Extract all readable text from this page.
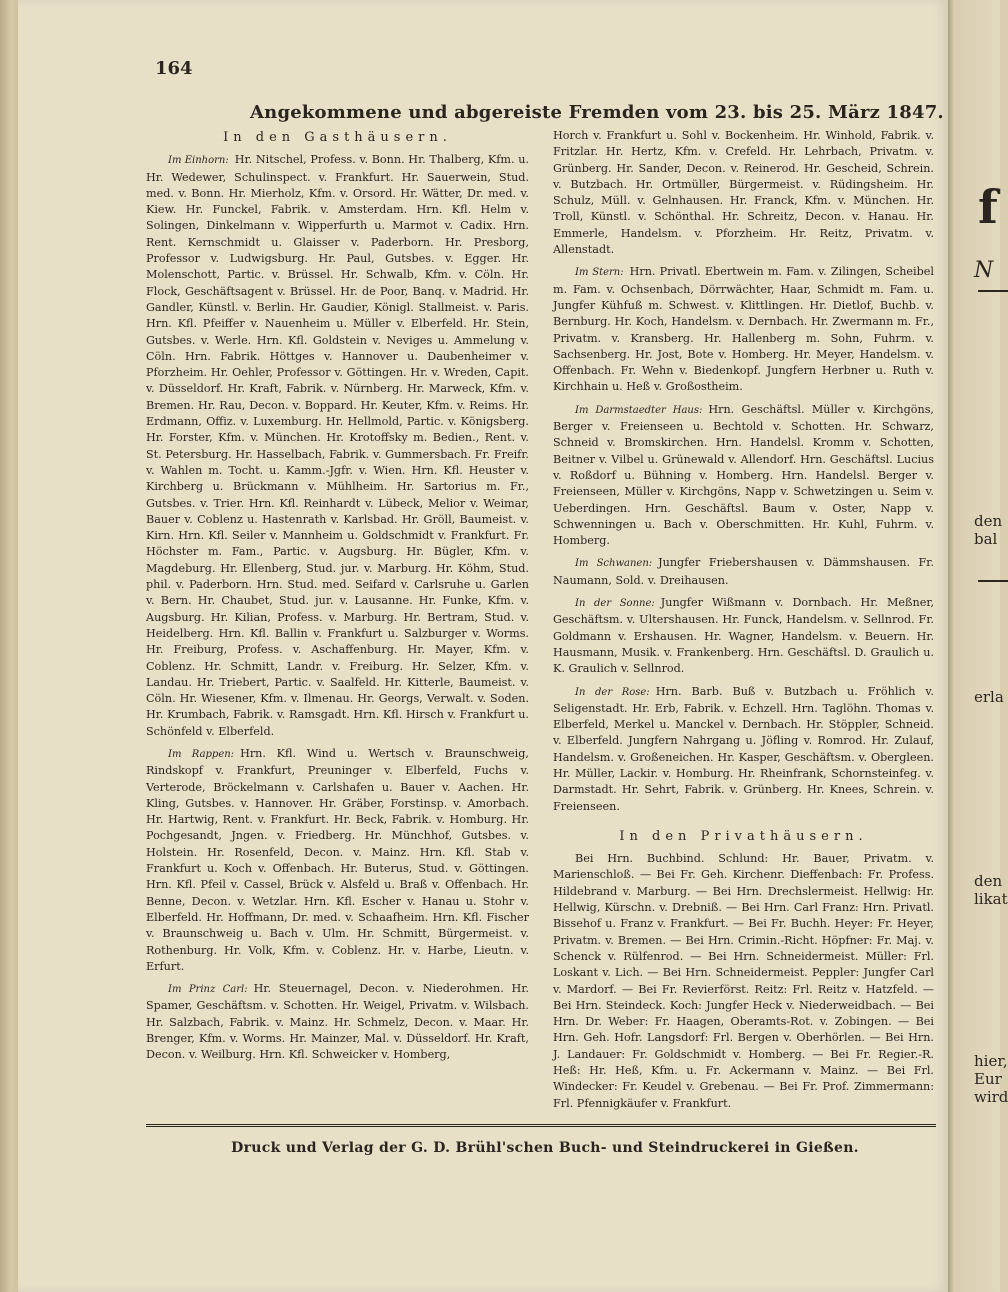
164
Angekommene und abgereiste Fremden vom 23. bis 25. März 1847.
In den Gasthäusern.

Im Einhorn: Hr. Nitschel, Profess. v. Bonn. Hr. Thalberg, Kfm. u. Hr. Wedewer, Schulinspect. v. Frankfurt. Hr. Sauerwein, Stud. med. v. Bonn. Hr. Mierholz, Kfm. v. Orsord. Hr. Wätter, Dr. med. v. Kiew. Hr. Funckel, Fabrik. v. Amsterdam. Hrn. Kfl. Helm v. Solingen, Dinkelmann v. Wipperfurth u. Marmot v. Cadix. Hrn. Rent. Kernschmidt u. Glaisser v. Paderborn. Hr. Presborg, Professor v. Ludwigsburg. Hr. Paul, Gutsbes. v. Egger. Hr. Molenschott, Partic. v. Brüssel. Hr. Schwalb, Kfm. v. Cöln. Hr. Flock, Geschäftsagent v. Brüssel. Hr. de Poor, Banq. v. Madrid. Hr. Gandler, Künstl. v. Berlin. Hr. Gaudier, Königl. Stallmeist. v. Paris. Hrn. Kfl. Pfeiffer v. Nauenheim u. Müller v. Elberfeld. Hr. Stein, Gutsbes. v. Werle. Hrn. Kfl. Goldstein v. Neviges u. Ammelung v. Cöln. Hrn. Fabrik. Höttges v. Hannover u. Daubenheimer v. Pforzheim. Hr. Oehler, Professor v. Göttingen. Hr. v. Wreden, Capit. v. Düsseldorf. Hr. Kraft, Fabrik. v. Nürnberg. Hr. Marweck, Kfm. v. Bremen. Hr. Rau, Decon. v. Boppard. Hr. Keuter, Kfm. v. Reims. Hr. Erdmann, Offiz. v. Luxemburg. Hr. Hellmold, Partic. v. Königsberg. Hr. Forster, Kfm. v. München. Hr. Krotoffsky m. Bedien., Rent. v. St. Petersburg. Hr. Hasselbach, Fabrik. v. Gummersbach. Fr. Freifr. v. Wahlen m. Tocht. u. Kamm.-Jgfr. v. Wien. Hrn. Kfl. Heuster v. Kirchberg u. Brückmann v. Mühlheim. Hr. Sartorius m. Fr., Gutsbes. v. Trier. Hrn. Kfl. Reinhardt v. Lübeck, Melior v. Weimar, Bauer v. Coblenz u. Hastenrath v. Karlsbad. Hr. Gröll, Baumeist. v. Kirn. Hrn. Kfl. Seiler v. Mannheim u. Goldschmidt v. Frankfurt. Fr. Höchster m. Fam., Partic. v. Augsburg. Hr. Bügler, Kfm. v. Magdeburg. Hr. Ellenberg, Stud. jur. v. Marburg. Hr. Köhm, Stud. phil. v. Paderborn. Hrn. Stud. med. Seifard v. Carlsruhe u. Garlen v. Bern. Hr. Chaubet, Stud. jur. v. Lausanne. Hr. Funke, Kfm. v. Augsburg. Hr. Kilian, Profess. v. Marburg. Hr. Bertram, Stud. v. Heidelberg. Hrn. Kfl. Ballin v. Frankfurt u. Salzburger v. Worms. Hr. Freiburg, Profess. v. Aschaffenburg. Hr. Mayer, Kfm. v. Coblenz. Hr. Schmitt, Landr. v. Freiburg. Hr. Selzer, Kfm. v. Landau. Hr. Triebert, Partic. v. Saalfeld. Hr. Kitterle, Baumeist. v. Cöln. Hr. Wiesener, Kfm. v. Ilmenau. Hr. Georgs, Verwalt. v. Soden. Hr. Krumbach, Fabrik. v. Ramsgadt. Hrn. Kfl. Hirsch v. Frankfurt u. Schönfeld v. Elberfeld.

Im Rappen: Hrn. Kfl. Wind u. Wertsch v. Braunschweig, Rindskopf v. Frankfurt, Preuninger v. Elberfeld, Fuchs v. Verterode, Bröckelmann v. Carlshafen u. Bauer v. Aachen. Hr. Kling, Gutsbes. v. Hannover. Hr. Gräber, Forstinsp. v. Amorbach. Hr. Hartwig, Rent. v. Frankfurt. Hr. Beck, Fabrik. v. Homburg. Hr. Pochgesandt, Jngen. v. Friedberg. Hr. Münchhof, Gutsbes. v. Holstein. Hr. Rosenfeld, Decon. v. Mainz. Hrn. Kfl. Stab v. Frankfurt u. Koch v. Offenbach. Hr. Buterus, Stud. v. Göttingen. Hrn. Kfl. Pfeil v. Cassel, Brück v. Alsfeld u. Braß v. Offenbach. Hr. Benne, Decon. v. Wetzlar. Hrn. Kfl. Escher v. Hanau u. Stohr v. Elberfeld. Hr. Hoffmann, Dr. med. v. Schaafheim. Hrn. Kfl. Fischer v. Braunschweig u. Bach v. Ulm. Hr. Schmitt, Bürgermeist. v. Rothenburg. Hr. Volk, Kfm. v. Coblenz. Hr. v. Harbe, Lieutn. v. Erfurt.

Im Prinz Carl: Hr. Steuernagel, Decon. v. Niederohmen. Hr. Spamer, Geschäftsm. v. Schotten. Hr. Weigel, Privatm. v. Wilsbach. Hr. Salzbach, Fabrik. v. Mainz. Hr. Schmelz, Decon. v. Maar. Hr. Brenger, Kfm. v. Worms. Hr. Mainzer, Mal. v. Düsseldorf. Hr. Kraft, Decon. v. Weilburg. Hrn. Kfl. Schweicker v. Homberg,

Horch v. Frankfurt u. Sohl v. Bockenheim. Hr. Winhold, Fabrik. v. Fritzlar. Hr. Hertz, Kfm. v. Crefeld. Hr. Lehrbach, Privatm. v. Grünberg. Hr. Sander, Decon. v. Reinerod. Hr. Gescheid, Schrein. v. Butzbach. Hr. Ortmüller, Bürgermeist. v. Rüdingsheim. Hr. Schulz, Müll. v. Gelnhausen. Hr. Franck, Kfm. v. München. Hr. Troll, Künstl. v. Schönthal. Hr. Schreitz, Decon. v. Hanau. Hr. Emmerle, Handelsm. v. Pforzheim. Hr. Reitz, Privatm. v. Allenstadt.

Im Stern: Hrn. Privatl. Ebertwein m. Fam. v. Zilingen, Scheibel m. Fam. v. Ochsenbach, Dörrwächter, Haar, Schmidt m. Fam. u. Jungfer Kühfuß m. Schwest. v. Klittlingen. Hr. Dietlof, Buchb. v. Bernburg. Hr. Koch, Handelsm. v. Dernbach. Hr. Zwermann m. Fr., Privatm. v. Kransberg. Hr. Hallenberg m. Sohn, Fuhrm. v. Sachsenberg. Hr. Jost, Bote v. Homberg. Hr. Meyer, Handelsm. v. Offenbach. Fr. Wehn v. Biedenkopf. Jungfern Herbner u. Ruth v. Kirchhain u. Heß v. Großostheim.

Im Darmstaedter Haus: Hrn. Geschäftsl. Müller v. Kirchgöns, Berger v. Freienseen u. Bechtold v. Schotten. Hr. Schwarz, Schneid v. Bromskirchen. Hrn. Handelsl. Kromm v. Schotten, Beitner v. Vilbel u. Grünewald v. Allendorf. Hrn. Geschäftsl. Lucius v. Roßdorf u. Bühning v. Homberg. Hrn. Handelsl. Berger v. Freienseen, Müller v. Kirchgöns, Napp v. Schwetzingen u. Seim v. Ueberdingen. Hrn. Geschäftsl. Baum v. Oster, Napp v. Schwenningen u. Bach v. Oberschmitten. Hr. Kuhl, Fuhrm. v. Homberg.

Im Schwanen: Jungfer Friebershausen v. Dämmshausen. Fr. Naumann, Sold. v. Dreihausen.

In der Sonne: Jungfer Wißmann v. Dornbach. Hr. Meßner, Geschäftsm. v. Ultershausen. Hr. Funck, Handelsm. v. Sellnrod. Fr. Goldmann v. Ershausen. Hr. Wagner, Handelsm. v. Beuern. Hr. Hausmann, Musik. v. Frankenberg. Hrn. Geschäftsl. D. Graulich u. K. Graulich v. Sellnrod.

In der Rose: Hrn. Barb. Buß v. Butzbach u. Fröhlich v. Seligenstadt. Hr. Erb, Fabrik. v. Echzell. Hrn. Taglöhn. Thomas v. Elberfeld, Merkel u. Manckel v. Dernbach. Hr. Stöppler, Schneid. v. Elberfeld. Jungfern Nahrgang u. Jöfling v. Romrod. Hr. Zulauf, Handelsm. v. Großeneichen. Hr. Kasper, Geschäftsm. v. Obergleen. Hr. Müller, Lackir. v. Homburg. Hr. Rheinfrank, Schornsteinfeg. v. Darmstadt. Hr. Sehrt, Fabrik. v. Grünberg. Hr. Knees, Schrein. v. Freienseen.

In den Privathäusern.

Bei Hrn. Buchbind. Schlund: Hr. Bauer, Privatm. v. Marienschloß. — Bei Fr. Geh. Kirchenr. Dieffenbach: Fr. Profess. Hildebrand v. Marburg. — Bei Hrn. Drechslermeist. Hellwig: Hr. Hellwig, Kürschn. v. Drebniß. — Bei Hrn. Carl Franz: Hrn. Privatl. Bissehof u. Franz v. Frankfurt. — Bei Fr. Buchh. Heyer: Fr. Heyer, Privatm. v. Bremen. — Bei Hrn. Crimin.-Richt. Höpfner: Fr. Maj. v. Schenck v. Rülfenrod. — Bei Hrn. Schneidermeist. Müller: Frl. Loskant v. Lich. — Bei Hrn. Schneidermeist. Peppler: Jungfer Carl v. Mardorf. — Bei Fr. Revierförst. Reitz: Frl. Reitz v. Hatzfeld. — Bei Hrn. Steindeck. Koch: Jungfer Heck v. Niederweidbach. — Bei Hrn. Dr. Weber: Fr. Haagen, Oberamts-Rot. v. Zobingen. — Bei Hrn. Geh. Hofr. Langsdorf: Frl. Bergen v. Oberhörlen. — Bei Hrn. J. Landauer: Fr. Goldschmidt v. Homberg. — Bei Fr. Regier.-R. Heß: Hr. Heß, Kfm. u. Fr. Ackermann v. Mainz. — Bei Frl. Windecker: Fr. Keudel v. Grebenau. — Bei Fr. Prof. Zimmermann: Frl. Pfennigkäufer v. Frankfurt.

Druck und Verlag der G. D. Brühl'schen Buch- und Steindruckerei in Gießen.
f
N
den
bal
erla
den
likat
hier,
Eur
wird
